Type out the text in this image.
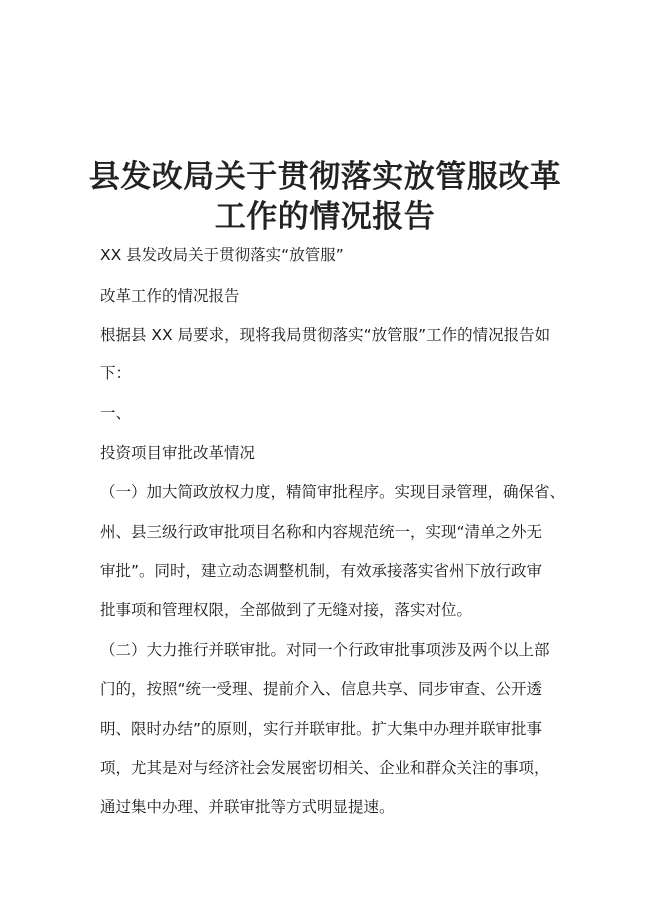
县发改局关于贯彻落实放管服改革
工作的情况报告

XX 县发改局关于贯彻落实“放管服”

改革工作的情况报告

根据县 XX 局要求，现将我局贯彻落实“放管服”工作的情况报告如

下：

一、

投资项目审批改革情况

（一）加大简政放权力度，精简审批程序。实现目录管理，确保省、

州、县三级行政审批项目名称和内容规范统一，实现“清单之外无

审批”。同时，建立动态调整机制，有效承接落实省州下放行政审

批事项和管理权限，全部做到了无缝对接，落实对位。

（二）大力推行并联审批。对同一个行政审批事项涉及两个以上部

门的，按照“统一受理、提前介入、信息共享、同步审查、公开透

明、限时办结”的原则，实行并联审批。扩大集中办理并联审批事

项，尤其是对与经济社会发展密切相关、企业和群众关注的事项，

通过集中办理、并联审批等方式明显提速。
